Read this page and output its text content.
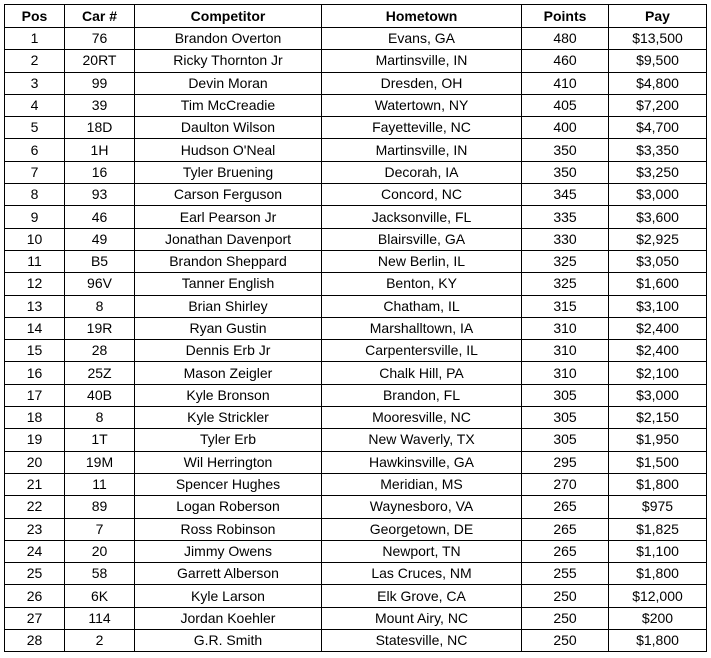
Pos	Car #	Competitor	Hometown	Points	Pay
1	76	Brandon Overton	Evans, GA	480	$13,500
2	20RT	Ricky Thornton Jr	Martinsville, IN	460	$9,500
3	99	Devin Moran	Dresden, OH	410	$4,800
4	39	Tim McCreadie	Watertown, NY	405	$7,200
5	18D	Daulton Wilson	Fayetteville, NC	400	$4,700
6	1H	Hudson O'Neal	Martinsville, IN	350	$3,350
7	16	Tyler Bruening	Decorah, IA	350	$3,250
8	93	Carson Ferguson	Concord, NC	345	$3,000
9	46	Earl Pearson Jr	Jacksonville, FL	335	$3,600
10	49	Jonathan Davenport	Blairsville, GA	330	$2,925
11	B5	Brandon Sheppard	New Berlin, IL	325	$3,050
12	96V	Tanner English	Benton, KY	325	$1,600
13	8	Brian Shirley	Chatham, IL	315	$3,100
14	19R	Ryan Gustin	Marshalltown, IA	310	$2,400
15	28	Dennis Erb Jr	Carpentersville, IL	310	$2,400
16	25Z	Mason Zeigler	Chalk Hill, PA	310	$2,100
17	40B	Kyle Bronson	Brandon, FL	305	$3,000
18	8	Kyle Strickler	Mooresville, NC	305	$2,150
19	1T	Tyler Erb	New Waverly, TX	305	$1,950
20	19M	Wil Herrington	Hawkinsville, GA	295	$1,500
21	11	Spencer Hughes	Meridian, MS	270	$1,800
22	89	Logan Roberson	Waynesboro, VA	265	$975
23	7	Ross Robinson	Georgetown, DE	265	$1,825
24	20	Jimmy Owens	Newport, TN	265	$1,100
25	58	Garrett Alberson	Las Cruces, NM	255	$1,800
26	6K	Kyle Larson	Elk Grove, CA	250	$12,000
27	114	Jordan Koehler	Mount Airy, NC	250	$200
28	2	G.R. Smith	Statesville, NC	250	$1,800
